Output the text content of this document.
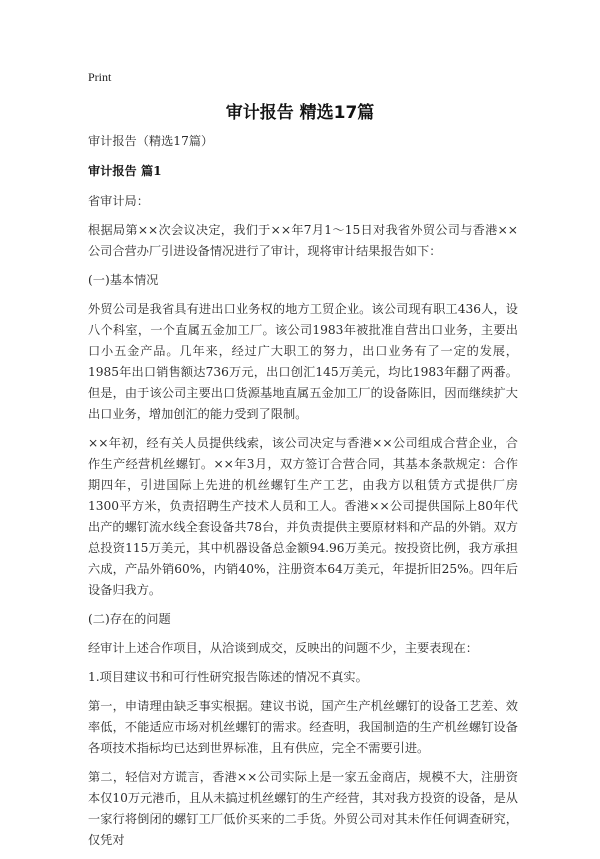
Print
审计报告 精选17篇

审计报告（精选17篇）

审计报告 篇1

省审计局：

根据局第××次会议决定，我们于××年7月1～15日对我省外贸公司与香港××公司合营办厂引进设备情况进行了审计，现将审计结果报告如下：

(一)基本情况

外贸公司是我省具有进出口业务权的地方工贸企业。该公司现有职工436人，设八个科室，一个直属五金加工厂。该公司1983年被批准自营出口业务，主要出口小五金产品。几年来，经过广大职工的努力，出口业务有了一定的发展，1985年出口销售额达736万元，出口创汇145万美元，均比1983年翻了两番。但是，由于该公司主要出口货源基地直属五金加工厂的设备陈旧，因而继续扩大出口业务，增加创汇的能力受到了限制。

××年初，经有关人员提供线索，该公司决定与香港××公司组成合营企业，合作生产经营机丝螺钉。××年3月，双方签订合营合同，其基本条款规定：合作期四年，引进国际上先进的机丝螺钉生产工艺，由我方以租赁方式提供厂房1300平方米，负责招聘生产技术人员和工人。香港××公司提供国际上80年代出产的螺钉流水线全套设备共78台，并负责提供主要原材料和产品的外销。双方总投资115万美元，其中机器设备总金额94.96万美元。按投资比例，我方承担六成，产品外销60%，内销40%，注册资本64万美元，年提折旧25%。四年后设备归我方。

(二)存在的问题

经审计上述合作项目，从洽谈到成交，反映出的问题不少，主要表现在：

1.项目建议书和可行性研究报告陈述的情况不真实。

第一，申请理由缺乏事实根据。建议书说，国产生产机丝螺钉的设备工艺差、效率低，不能适应市场对机丝螺钉的需求。经查明，我国制造的生产机丝螺钉设备各项技术指标均已达到世界标准，且有供应，完全不需要引进。

第二，轻信对方谎言，香港××公司实际上是一家五金商店，规模不大，注册资本仅10万元港币，且从未搞过机丝螺钉的生产经营，其对我方投资的设备，是从一家行将倒闭的螺钉工厂低价买来的二手货。外贸公司对其未作任何调查研究，仅凭对
